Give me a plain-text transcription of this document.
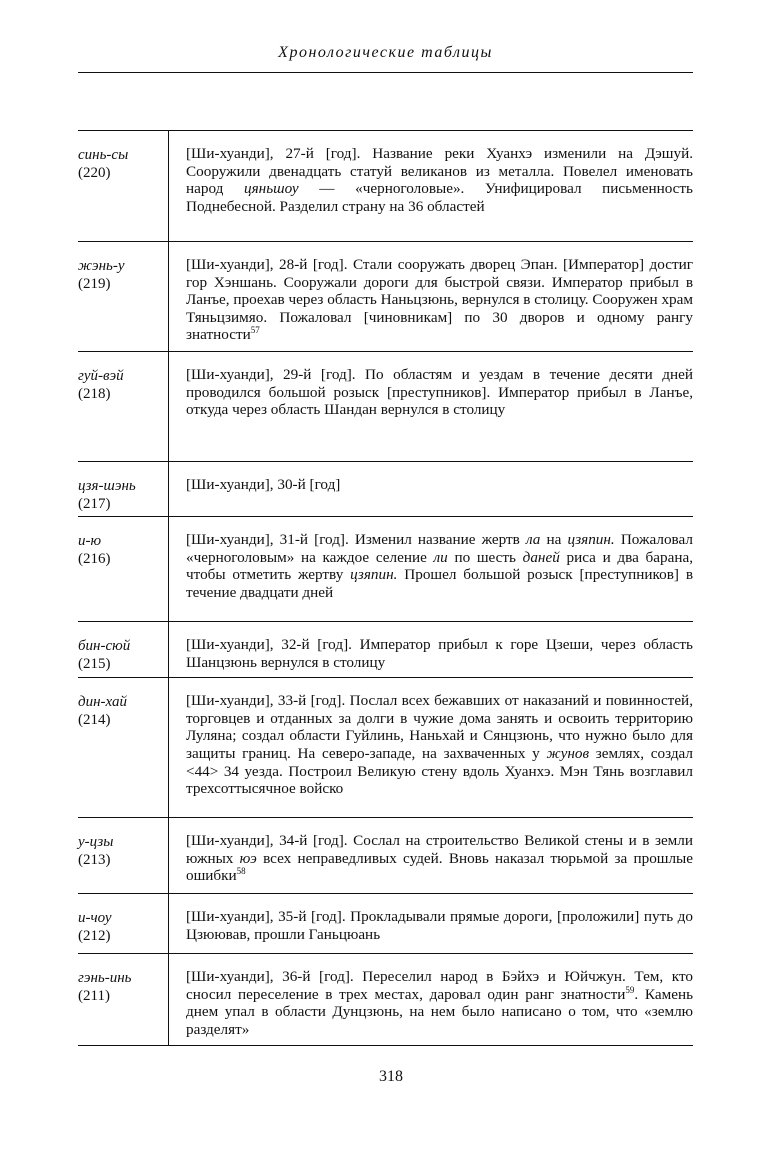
Хронологические таблицы
синь-сы
(220)
[Ши-хуанди], 27-й [год]. Название реки Хуанхэ изменили на Дэшуй. Сооружили двенадцать статуй великанов из металла. Повелел именовать народ цяньшоу — «черноголовые». Унифицировал письменность Поднебесной. Разделил страну на 36 областей
жэнь-у
(219)
[Ши-хуанди], 28-й [год]. Стали сооружать дворец Эпан. [Император] достиг гор Хэншань. Сооружали дороги для быстрой связи. Император прибыл в Ланъе, проехав через область Наньцзюнь, вернулся в столицу. Сооружен храм Тяньцзимяо. Пожаловал [чиновникам] по 30 дворов и одному рангу знатности$^{57}$
гуй-вэй
(218)
[Ши-хуанди], 29-й [год]. По областям и уездам в течение десяти дней проводился большой розыск [преступников]. Император прибыл в Ланъе, откуда через область Шандан вернулся в столицу
цзя-шэнь
(217)
[Ши-хуанди], 30-й [год]
и-ю
(216)
[Ши-хуанди], 31-й [год]. Изменил название жертв ла на цзяпин. Пожаловал «черноголовым» на каждое селение ли по шесть даней риса и два барана, чтобы отметить жертву цзяпин. Прошел большой розыск [преступников] в течение двадцати дней
бин-сюй
(215)
[Ши-хуанди], 32-й [год]. Император прибыл к горе Цзеши, через область Шанцзюнь вернулся в столицу
дин-хай
(214)
[Ши-хуанди], 33-й [год]. Послал всех бежавших от наказаний и повинностей, торговцев и отданных за долги в чужие дома занять и освоить территорию Луляна; создал области Гуйлинь, Наньхай и Сянцзюнь, что нужно было для защиты границ. На северо-западе, на захваченных у жунов землях, создал <44> 34 уезда. Построил Великую стену вдоль Хуанхэ. Мэн Тянь возглавил трехсоттысячное войско
у-цзы
(213)
[Ши-хуанди], 34-й [год]. Сослал на строительство Великой стены и в земли южных юэ всех неправедливых судей. Вновь наказал тюрьмой за прошлые ошибки$^{58}$
и-чоу
(212)
[Ши-хуанди], 35-й [год]. Прокладывали прямые дороги, [проложили] путь до Цзюював, прошли Ганьцюань
гэнь-инь
(211)
[Ши-хуанди], 36-й [год]. Переселил народ в Бэйхэ и Юйчжун. Тем, кто сносил переселение в трех местах, даровал один ранг знатности$^{59}$. Камень днем упал в области Дунцзюнь, на нем было написано о том, что «землю разделят»
318
